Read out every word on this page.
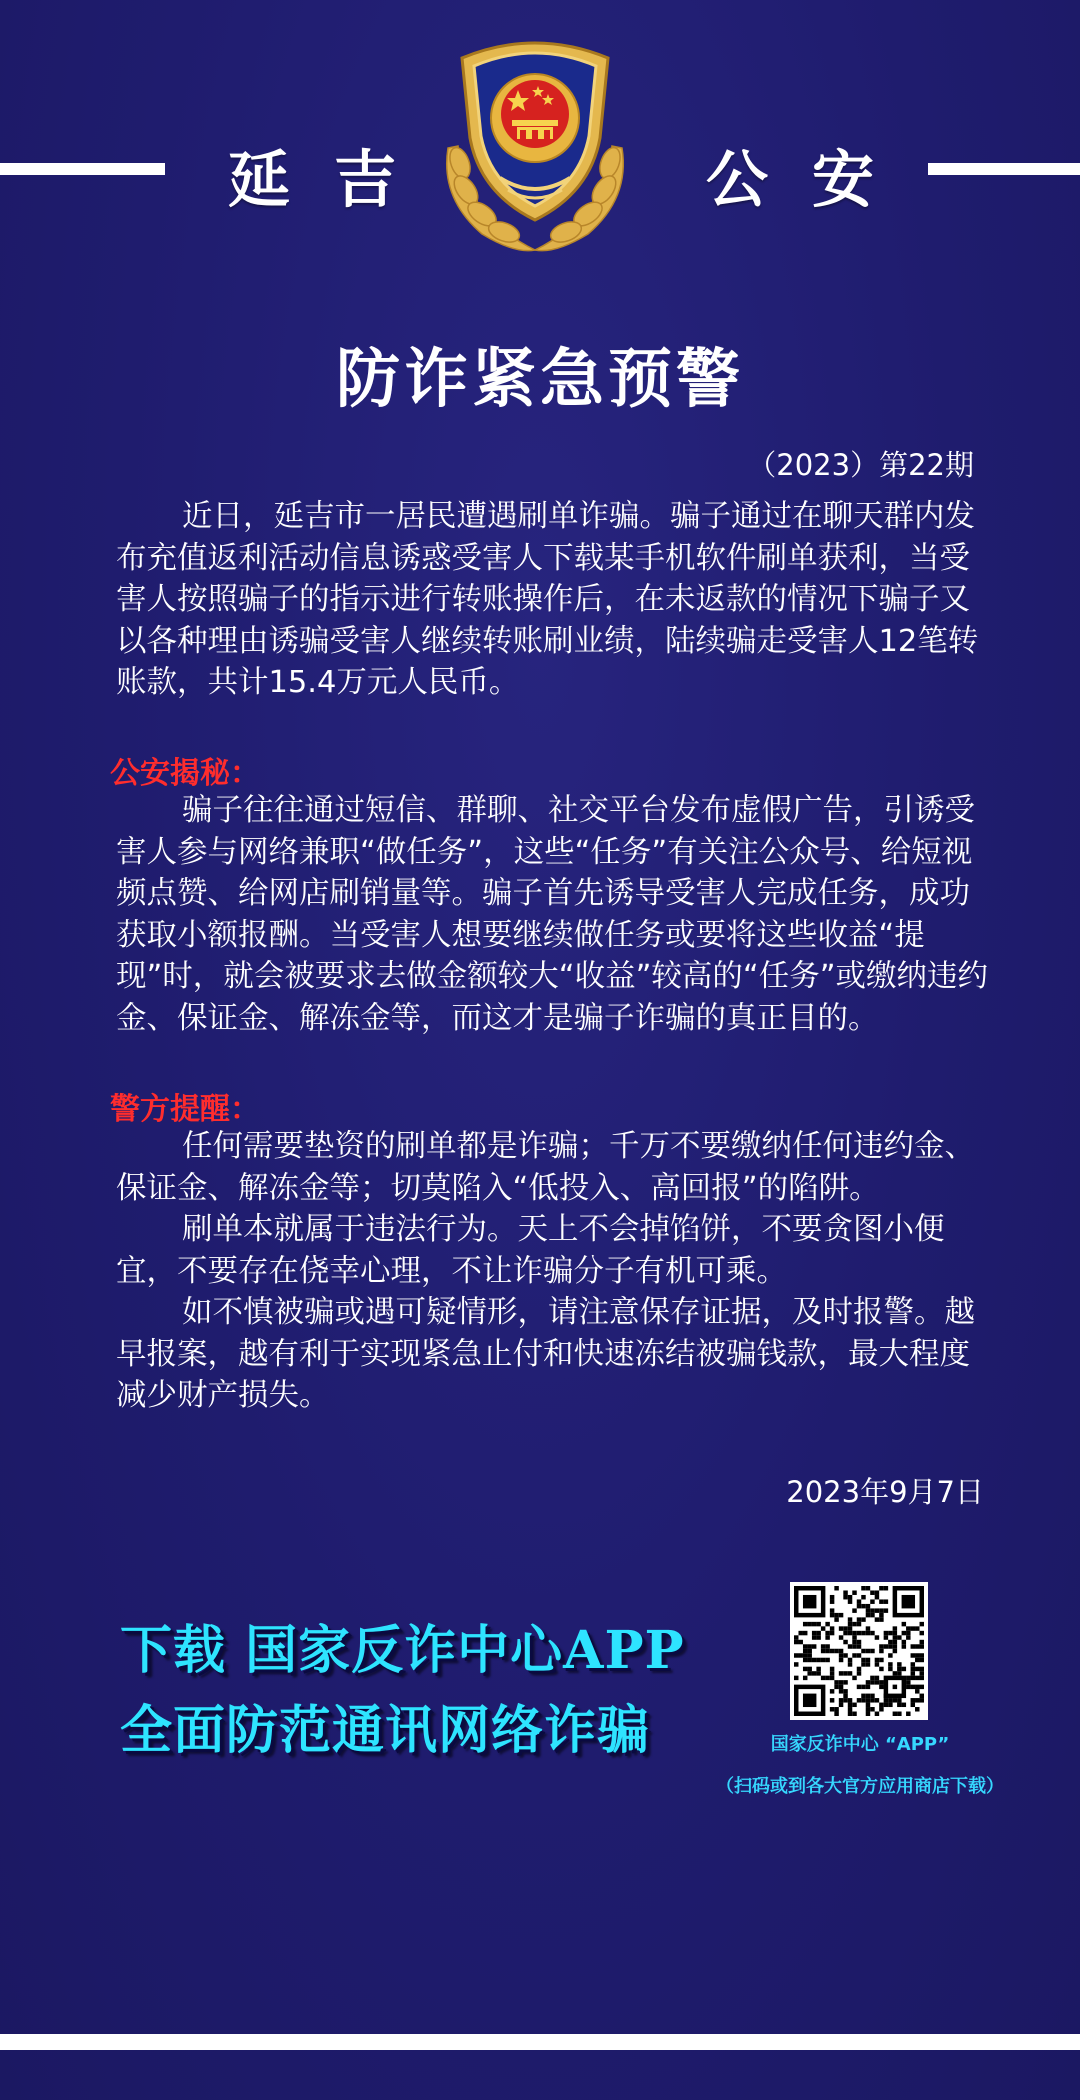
延吉	公安
防诈紧急预警
（2023）第22期

近日，延吉市一居民遭遇刷单诈骗。骗子通过在聊天群内发布充值返利活动信息诱惑受害人下载某手机软件刷单获利，当受害人按照骗子的指示进行转账操作后，在未返款的情况下骗子又以各种理由诱骗受害人继续转账刷业绩，陆续骗走受害人12笔转账款，共计15.4万元人民币。

公安揭秘：

骗子往往通过短信、群聊、社交平台发布虚假广告，引诱受害人参与网络兼职“做任务”，这些“任务”有关注公众号、给短视频点赞、给网店刷销量等。骗子首先诱导受害人完成任务，成功获取小额报酬。当受害人想要继续做任务或要将这些收益“提现”时，就会被要求去做金额较大“收益”较高的“任务”或缴纳违约金、保证金、解冻金等，而这才是骗子诈骗的真正目的。

警方提醒：

任何需要垫资的刷单都是诈骗；千万不要缴纳任何违约金、保证金、解冻金等；切莫陷入“低投入、高回报”的陷阱。

刷单本就属于违法行为。天上不会掉馅饼，不要贪图小便宜，不要存在侥幸心理，不让诈骗分子有机可乘。

如不慎被骗或遇可疑情形，请注意保存证据，及时报警。越早报案，越有利于实现紧急止付和快速冻结被骗钱款，最大程度减少财产损失。

2023年9月7日
下载 国家反诈中心APP
全面防范通讯网络诈骗	国家反诈中心 “APP”
（扫码或到各大官方应用商店下载）
